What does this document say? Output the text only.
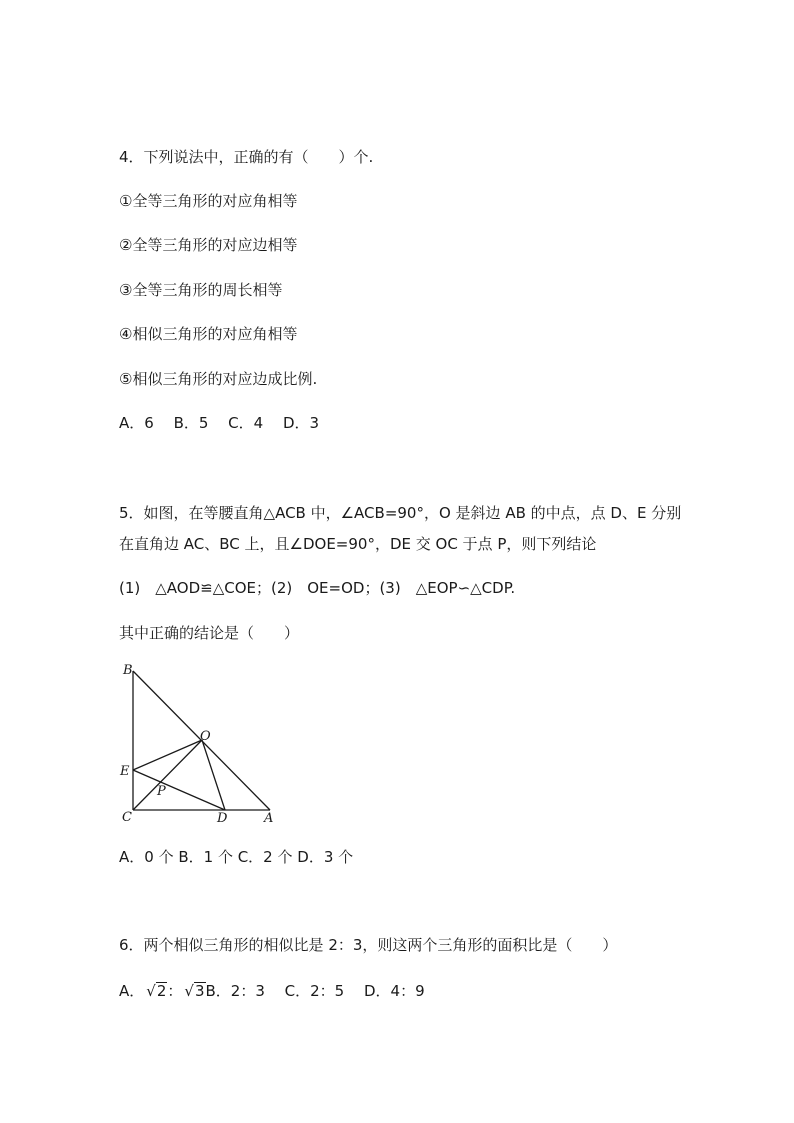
4．下列说法中，正确的有（　　）个.
①全等三角形的对应角相等
②全等三角形的对应边相等
③全等三角形的周长相等
④相似三角形的对应角相等
⑤相似三角形的对应边成比例.
A．6　 B．5　 C．4　 D．3
5．如图，在等腰直角△ACB 中，∠ACB=90°，O 是斜边 AB 的中点，点 D、E 分别
在直角边 AC、BC 上，且∠DOE=90°，DE 交 OC 于点 P，则下列结论
(1)　△AOD≌△COE；(2)　OE=OD；(3)　△EOP∽△CDP.
其中正确的结论是（　　）
B
O
E
P
C	D	A
A．0 个 B．1 个 C．2 个 D．3 个
6．两个相似三角形的相似比是 2：3，则这两个三角形的面积比是（　　）
A． √2： √3B．2：3　 C．2：5　 D．4：9
